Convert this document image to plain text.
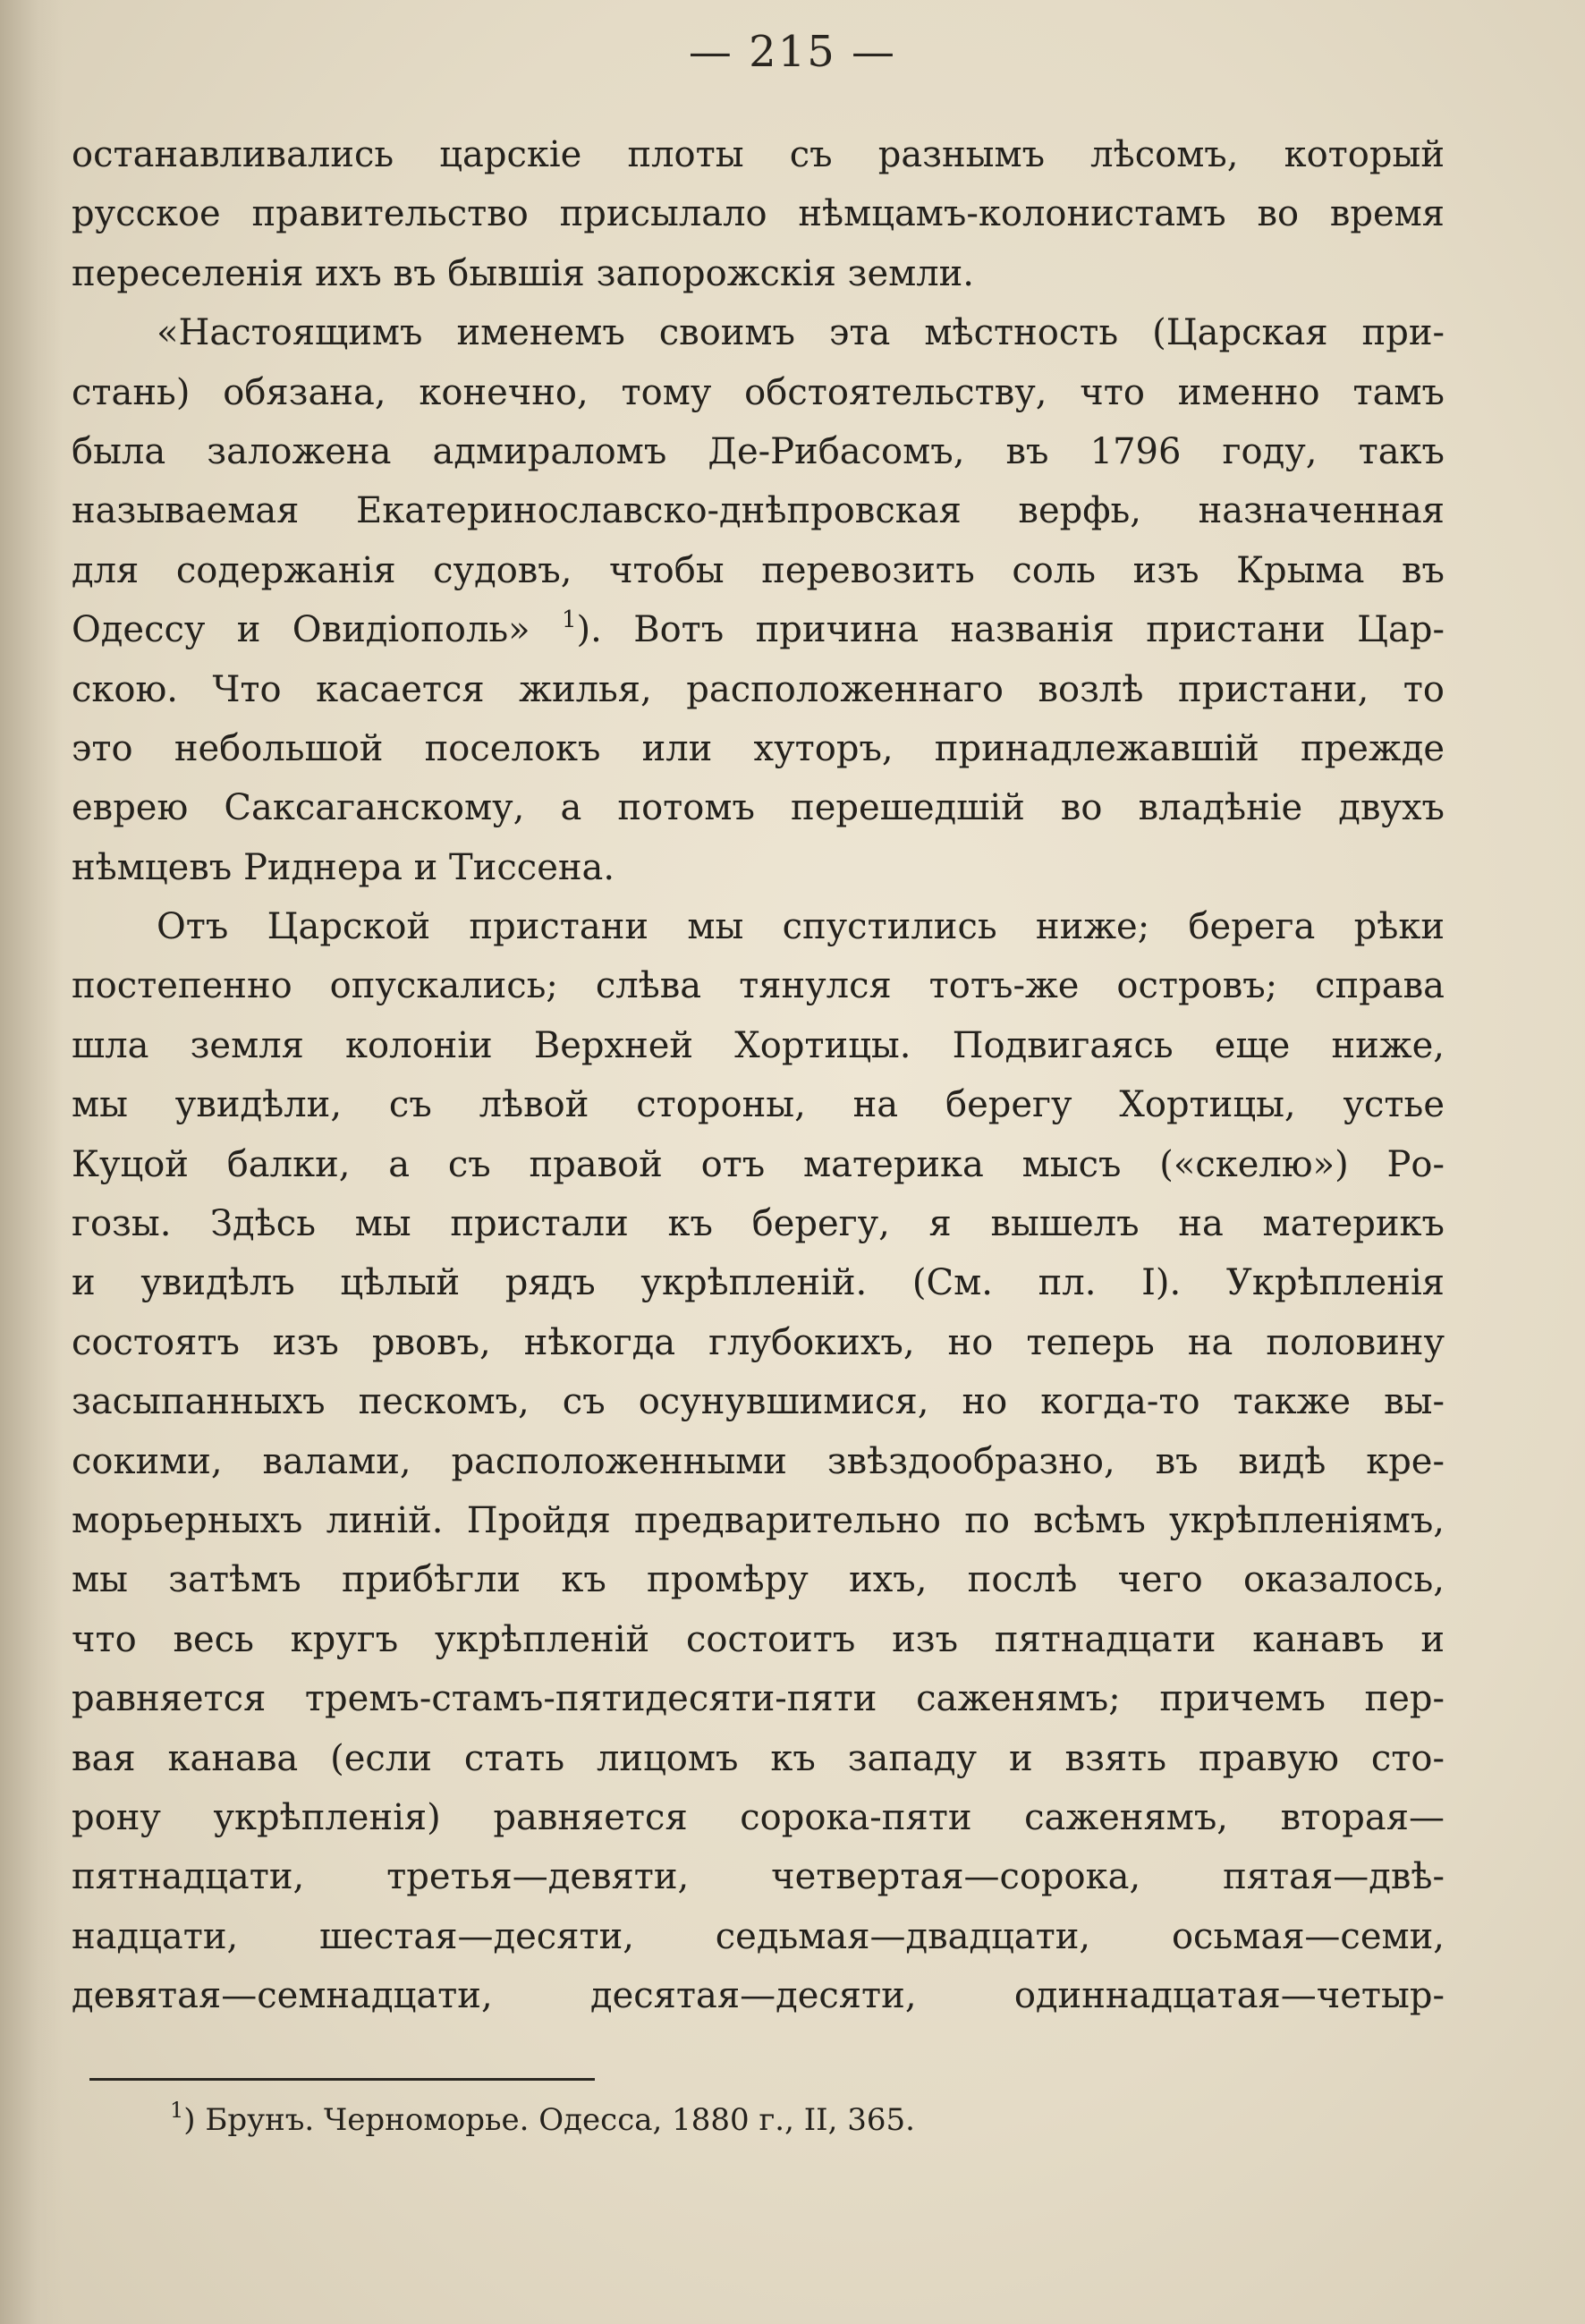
— 215 —
останавливались царскіе плоты съ разнымъ лѣсомъ, который
русское правительство присылало нѣмцамъ-колонистамъ во время
переселенія ихъ въ бывшія запорожскія земли.
«Настоящимъ именемъ своимъ эта мѣстность (Царская при-
стань) обязана, конечно, тому обстоятельству, что именно тамъ
была заложена адмираломъ Де-Рибасомъ, въ 1796 году, такъ
называемая Екатеринославско-днѣпровская верфь, назначенная
для содержанія судовъ, чтобы перевозить соль изъ Крыма въ
Одессу и Овидіополь» $^1$). Вотъ причина названія пристани Цар-
скою. Что касается жилья, расположеннаго возлѣ пристани, то
это небольшой поселокъ или хуторъ, принадлежавшій прежде
еврею Саксаганскому, а потомъ перешедшій во владѣніе двухъ
нѣмцевъ Риднера и Тиссена.
Отъ Царской пристани мы спустились ниже; берега рѣки
постепенно опускались; слѣва тянулся тотъ-же островъ; справа
шла земля колоніи Верхней Хортицы. Подвигаясь еще ниже,
мы увидѣли, съ лѣвой стороны, на берегу Хортицы, устье
Куцой балки, а съ правой отъ материка мысъ («скелю») Ро-
гозы. Здѣсь мы пристали къ берегу, я вышелъ на материкъ
и увидѣлъ цѣлый рядъ укрѣпленій. (См. пл. I). Укрѣпленія
состоятъ изъ рвовъ, нѣкогда глубокихъ, но теперь на половину
засыпанныхъ пескомъ, съ осунувшимися, но когда-то также вы-
сокими, валами, расположенными звѣздообразно, въ видѣ кре-
морьерныхъ линій. Пройдя предварительно по всѣмъ укрѣпленіямъ,
мы затѣмъ прибѣгли къ промѣру ихъ, послѣ чего оказалось,
что весь кругъ укрѣпленій состоитъ изъ пятнадцати канавъ и
равняется тремъ-стамъ-пятидесяти-пяти саженямъ; причемъ пер-
вая канава (если стать лицомъ къ западу и взять правую сто-
рону укрѣпленія) равняется сорока-пяти саженямъ, вторая—
пятнадцати, третья—девяти, четвертая—сорока, пятая—двѣ-
надцати, шестая—десяти, седьмая—двадцати, осьмая—семи,
девятая—семнадцати, десятая—десяти, одиннадцатая—четыр-
$^1$) Брунъ. Черноморье. Одесса, 1880 г., II, 365.
